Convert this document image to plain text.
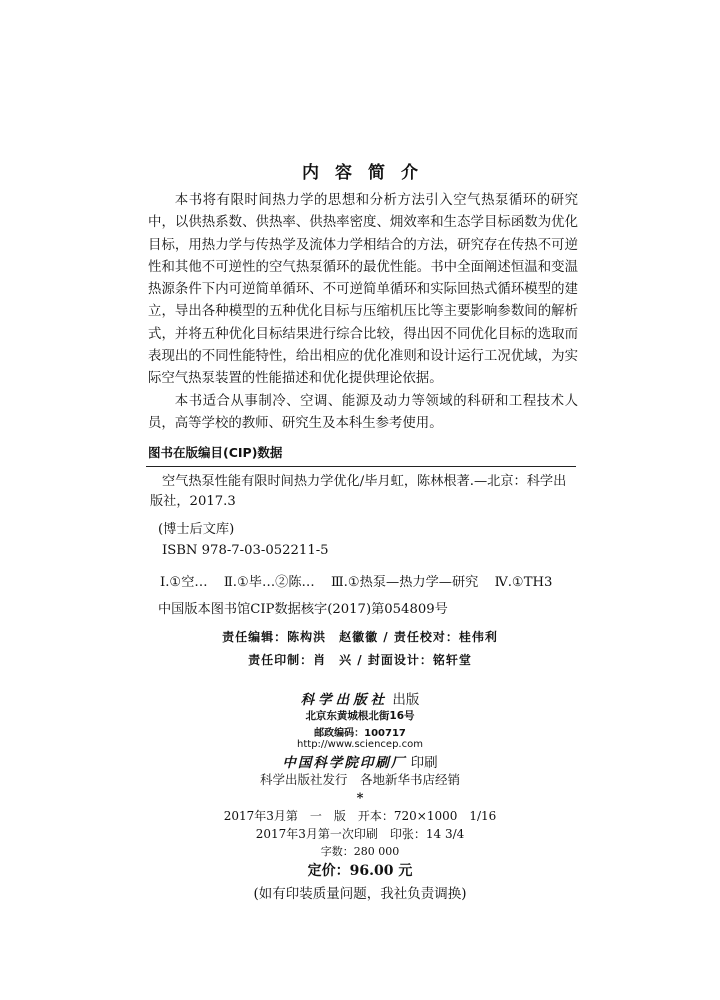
内容简介

本书将有限时间热力学的思想和分析方法引入空气热泵循环的研究中，以供热系数、供热率、供热率密度、㶲效率和生态学目标函数为优化目标，用热力学与传热学及流体力学相结合的方法，研究存在传热不可逆性和其他不可逆性的空气热泵循环的最优性能。书中全面阐述恒温和变温热源条件下内可逆简单循环、不可逆简单循环和实际回热式循环模型的建立，导出各种模型的五种优化目标与压缩机压比等主要影响参数间的解析式，并将五种优化目标结果进行综合比较，得出因不同优化目标的选取而表现出的不同性能特性，给出相应的优化准则和设计运行工况优域，为实际空气热泵装置的性能描述和优化提供理论依据。

本书适合从事制冷、空调、能源及动力等领域的科研和工程技术人员，高等学校的教师、研究生及本科生参考使用。

图书在版编目(CIP)数据
空气热泵性能有限时间热力学优化/毕月虹，陈林根著.—北京：科学出

版社，2017.3
(博士后文库)
ISBN 978-7-03-052211-5
Ⅰ.①空… Ⅱ.①毕…②陈… Ⅲ.①热泵—热力学—研究 Ⅳ.①TH3
中国版本图书馆CIP数据核字(2017)第054809号
责任编辑：陈构洪　赵徽徽 / 责任校对：桂伟利
责任印制：肖　兴 / 封面设计：铭轩堂
科学出版社 出版
北京东黄城根北街16号
邮政编码：100717
http://www.sciencep.com
中国科学院印刷厂 印刷
科学出版社发行　各地新华书店经销
*
2017年3月第　一　版　开本：720×1000　1/16
2017年3月第一次印刷　印张：14 3/4
字数：280 000
定价：96.00 元
(如有印装质量问题，我社负责调换)
